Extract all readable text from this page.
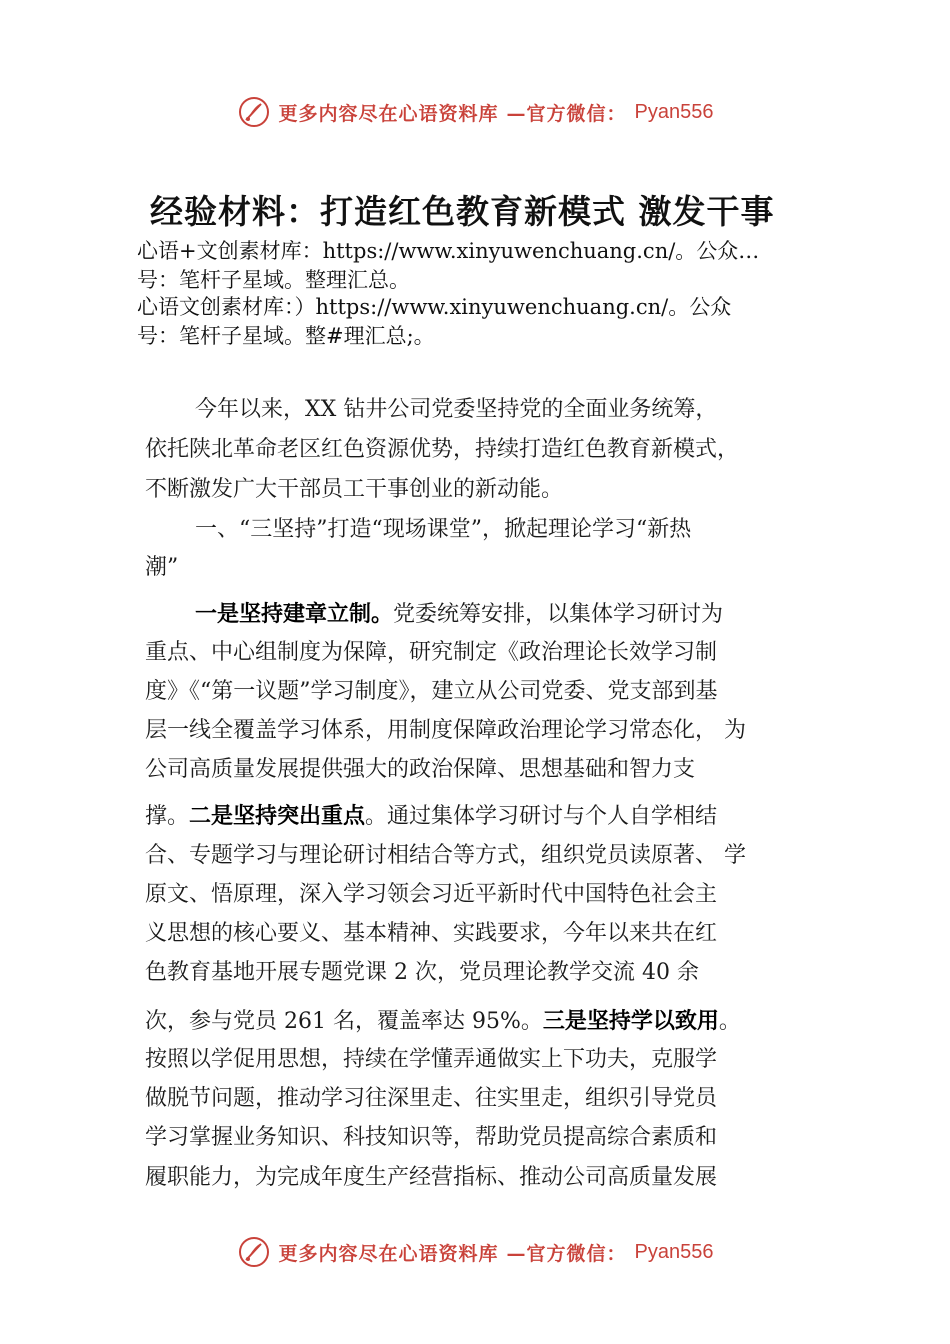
更多内容尽在心语资料库 —官方微信： Pyan556
经验材料：打造红色教育新模式 激发干事
心语+文创素材库：https://www.xinyuwenchuang.cn/。公众…
号：笔杆子星域。整理汇总。
心语文创素材库：）https://www.xinyuwenchuang.cn/。公众
号：笔杆子星域。整#理汇总;。
今年以来，XX 钻井公司党委坚持党的全面业务统筹，
依托陕北革命老区红色资源优势，持续打造红色教育新模式，
不断激发广大干部员工干事创业的新动能。
一、“三坚持”打造“现场课堂”，掀起理论学习“新热
潮”
一是坚持建章立制。党委统筹安排，以集体学习研讨为
重点、中心组制度为保障，研究制定《政治理论长效学习制
度》《“第一议题”学习制度》，建立从公司党委、党支部到基
层一线全覆盖学习体系，用制度保障政治理论学习常态化， 为
公司高质量发展提供强大的政治保障、思想基础和智力支
撑。二是坚持突出重点。通过集体学习研讨与个人自学相结
合、专题学习与理论研讨相结合等方式，组织党员读原著、 学
原文、悟原理，深入学习领会习近平新时代中国特色社会主
义思想的核心要义、基本精神、实践要求，今年以来共在红
色教育基地开展专题党课 2 次，党员理论教学交流 40 余
次，参与党员 261 名，覆盖率达 95%。三是坚持学以致用。
按照以学促用思想，持续在学懂弄通做实上下功夫，克服学
做脱节问题，推动学习往深里走、往实里走，组织引导党员
学习掌握业务知识、科技知识等，帮助党员提高综合素质和
履职能力，为完成年度生产经营指标、推动公司高质量发展
更多内容尽在心语资料库 —官方微信： Pyan556
